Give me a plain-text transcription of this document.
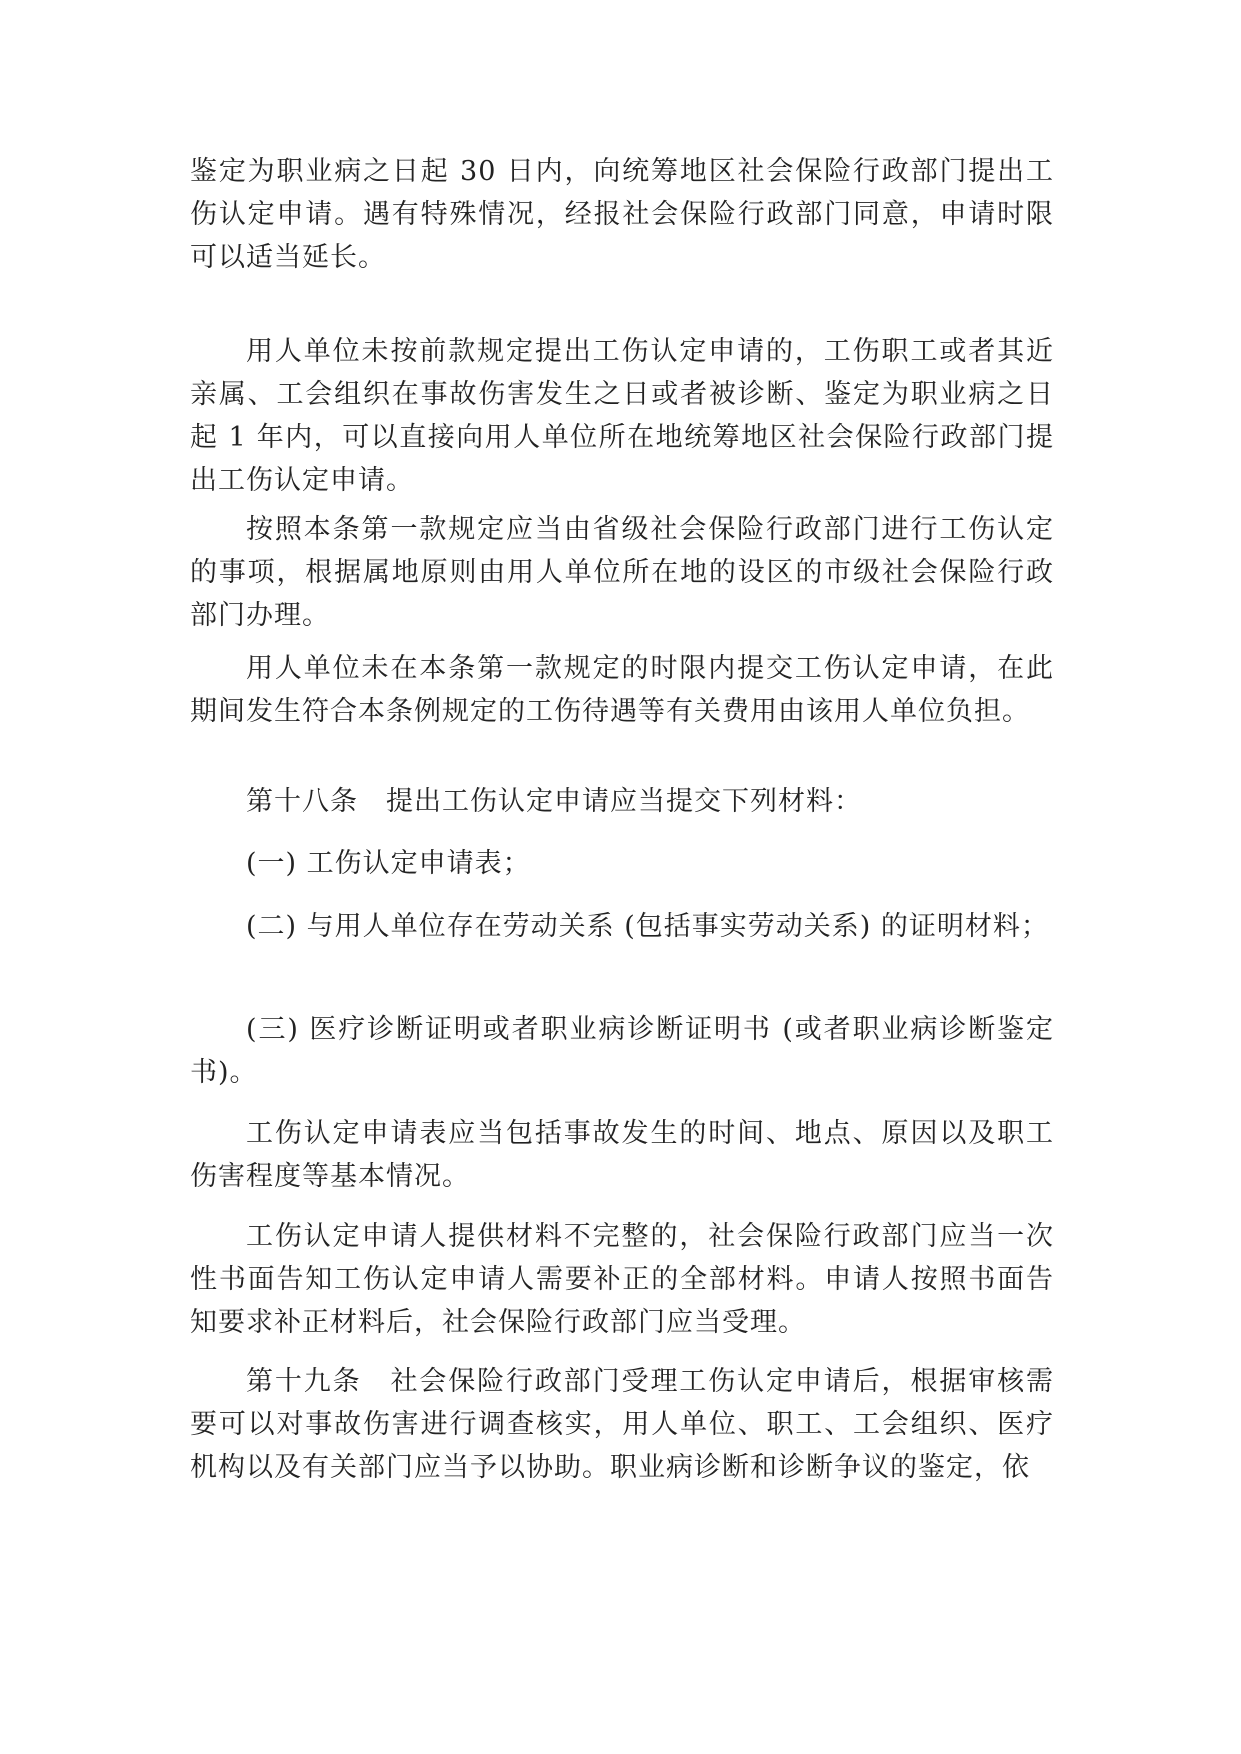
鉴定为职业病之日起 30 日内，向统筹地区社会保险行政部门提出工伤认定申请。遇有特殊情况，经报社会保险行政部门同意，申请时限可以适当延长。

用人单位未按前款规定提出工伤认定申请的，工伤职工或者其近亲属、工会组织在事故伤害发生之日或者被诊断、鉴定为职业病之日起 1 年内，可以直接向用人单位所在地统筹地区社会保险行政部门提出工伤认定申请。

按照本条第一款规定应当由省级社会保险行政部门进行工伤认定的事项，根据属地原则由用人单位所在地的设区的市级社会保险行政部门办理。

用人单位未在本条第一款规定的时限内提交工伤认定申请，在此期间发生符合本条例规定的工伤待遇等有关费用由该用人单位负担。

第十八条　提出工伤认定申请应当提交下列材料：

(一) 工伤认定申请表；

(二) 与用人单位存在劳动关系 (包括事实劳动关系) 的证明材料；

(三) 医疗诊断证明或者职业病诊断证明书 (或者职业病诊断鉴定书)。

工伤认定申请表应当包括事故发生的时间、地点、原因以及职工伤害程度等基本情况。

工伤认定申请人提供材料不完整的，社会保险行政部门应当一次性书面告知工伤认定申请人需要补正的全部材料。申请人按照书面告知要求补正材料后，社会保险行政部门应当受理。

第十九条　社会保险行政部门受理工伤认定申请后，根据审核需要可以对事故伤害进行调查核实，用人单位、职工、工会组织、医疗机构以及有关部门应当予以协助。职业病诊断和诊断争议的鉴定，依
